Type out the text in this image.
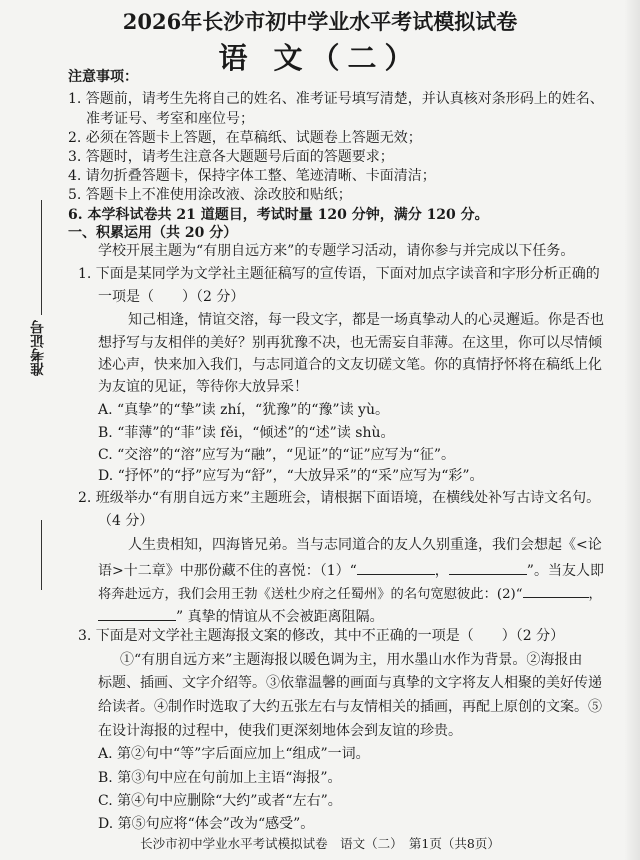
2026年长沙市初中学业水平考试模拟试卷
语 文（二）
准考证号
注意事项：
1. 答题前，请考生先将自己的姓名、准考证号填写清楚，并认真核对条形码上的姓名、
准考证号、考室和座位号；
2. 必须在答题卡上答题，在草稿纸、试题卷上答题无效；
3. 答题时，请考生注意各大题题号后面的答题要求；
4. 请勿折叠答题卡，保持字体工整、笔迹清晰、卡面清洁；
5. 答题卡上不准使用涂改液、涂改胶和贴纸；
6. 本学科试卷共 21 道题目，考试时量 120 分钟，满分 120 分。
一、积累运用（共 20 分）
学校开展主题为“有朋自远方来”的专题学习活动，请你参与并完成以下任务。
1. 下面是某同学为文学社主题征稿写的宣传语，下面对加点字读音和字形分析正确的
一项是（　　）（2 分）
知己相逢，情谊交溶，每一段文字，都是一场真挚动人的心灵邂逅。你是否也
想抒写与友相伴的美好？别再犹豫不决，也无需妄自菲薄。在这里，你可以尽情倾
述心声，快来加入我们，与志同道合的文友切磋文笔。你的真情抒怀将在稿纸上化
为友谊的见证，等待你大放异采！
A. “真挚”的“挚”读 zhí，“犹豫”的“豫”读 yù。
B. “菲薄”的“菲”读 fěi，“倾述”的“述”读 shù。
C. “交溶”的“溶”应写为“融”，“见证”的“证”应写为“征”。
D. “抒怀”的“抒”应写为“舒”，“大放异采”的“采”应写为“彩”。
2. 班级举办“有朋自远方来”主题班会，请根据下面语境，在横线处补写古诗文名句。
（4 分）
人生贵相知，四海皆兄弟。当与志同道合的友人久别重逢，我们会想起《<论
语>十二章》中那份藏不住的喜悦：（1）“	，	”。当友人即
将奔赴远方，我们会用王勃《送杜少府之任蜀州》的名句宽慰彼此：(2)“	，
” 真挚的情谊从不会被距离阻隔。
3. 下面是对文学社主题海报文案的修改，其中不正确的一项是（　　）（2 分）
①“有朋自远方来”主题海报以暖色调为主，用水墨山水作为背景。②海报由
标题、插画、文字介绍等。③依靠温馨的画面与真挚的文字将友人相聚的美好传递
给读者。④制作时选取了大约五张左右与友情相关的插画，再配上原创的文案。⑤
在设计海报的过程中，使我们更深刻地体会到友谊的珍贵。
A. 第②句中“等”字后面应加上“组成”一词。
B. 第③句中应在句前加上主语“海报”。
C. 第④句中应删除“大约”或者“左右”。
D. 第⑤句应将“体会”改为“感受”。
长沙市初中学业水平考试模拟试卷　语文（二）　第1页（共8页）
